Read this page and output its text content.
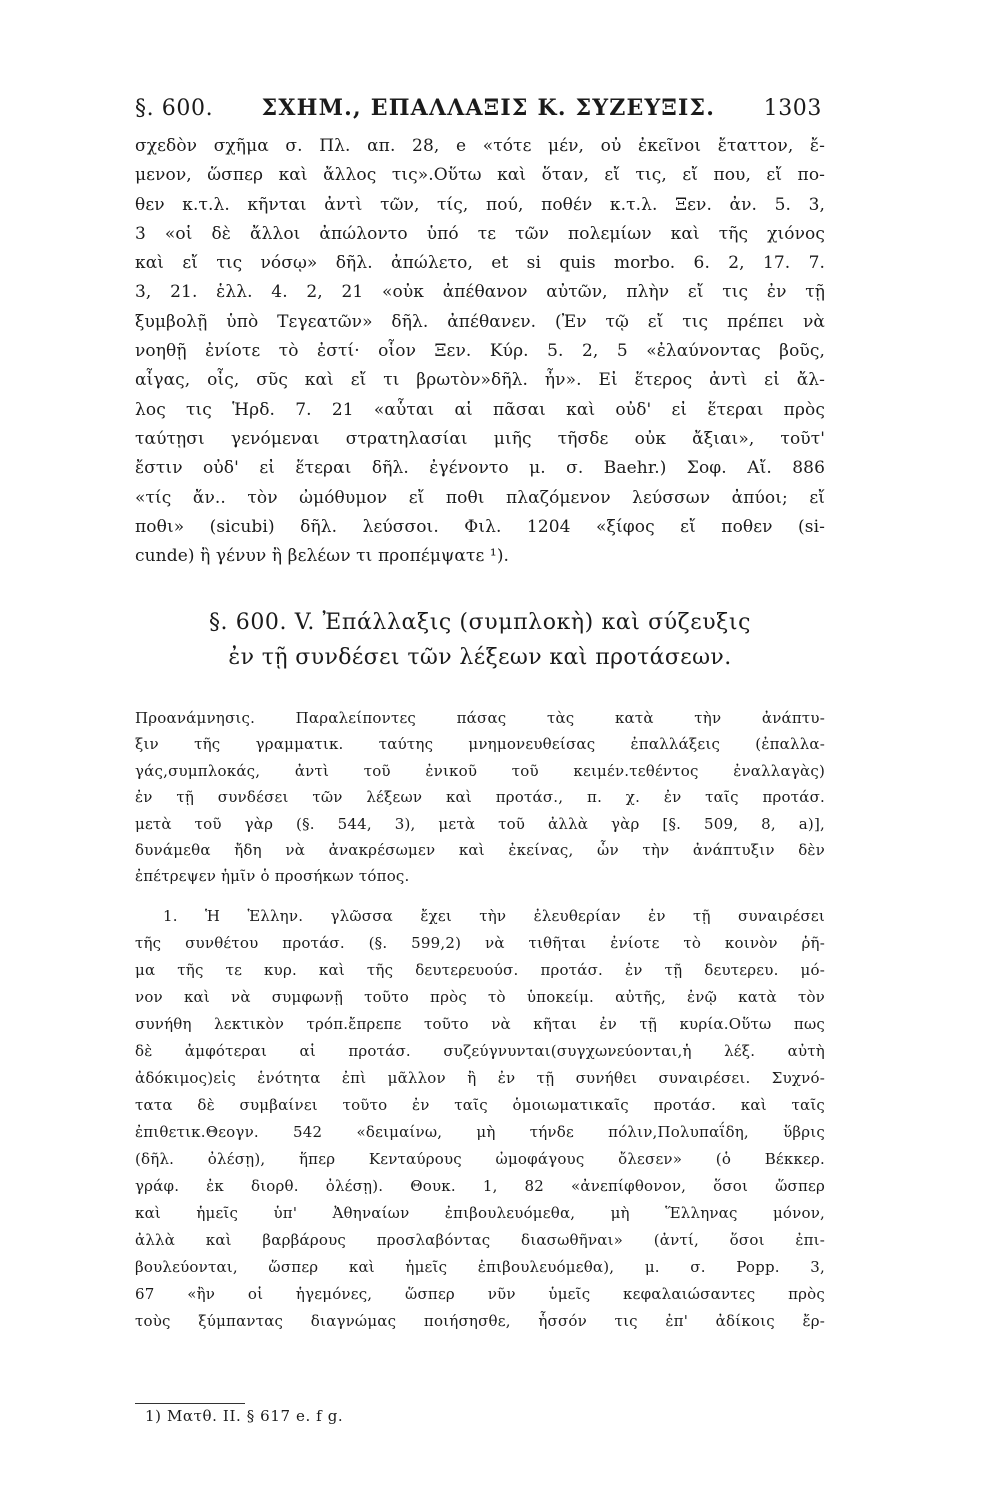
§. 600. ΣΧΗΜ., ΕΠΑΛΛΑΞΙΣ Κ. ΣΥΖΕΥΞΙΣ. 1303
σχεδὸν σχῆμα σ. Πλ. απ. 28, e «τότε μέν, οὐ ἐκεῖνοι ἔταττον, ἔ-
μενον, ὥσπερ καὶ ἄλλος τις».Οὕτω καὶ ὅταν, εἴ τις, εἴ που, εἴ πο-
θεν κ.τ.λ. κῆνται ἀντὶ τῶν, τίς, πού, ποθέν κ.τ.λ. Ξεν. ἀν. 5. 3,
3 «οἱ δὲ ἄλλοι ἀπώλοντο ὑπό τε τῶν πολεμίων καὶ τῆς χιόνος
καὶ εἴ τις νόσῳ» δῆλ. ἀπώλετο, et si quis morbo. 6. 2, 17. 7.
3, 21. ἑλλ. 4. 2, 21 «οὐκ ἀπέθανον αὐτῶν, πλὴν εἴ τις ἐν τῇ
ξυμβολῇ ὑπὸ Τεγεατῶν» δῆλ. ἀπέθανεν. (Ἐν τῷ εἴ τις πρέπει νὰ
νοηθῇ ἐνίοτε τὸ ἐστί· οἷον Ξεν. Κύρ. 5. 2, 5 «ἐλαύνοντας βοῦς,
αἶγας, οἶς, σῦς καὶ εἴ τι βρωτὸν»δῆλ. ἦν». Εἰ ἕτερος ἀντὶ εἰ ἄλ-
λος τις Ἡρδ. 7. 21 «αὗται αἱ πᾶσαι καὶ οὐδ' εἰ ἕτεραι πρὸς
ταύτῃσι γενόμεναι στρατηλασίαι μιῆς τῆσδε οὐκ ἄξιαι», τοῦτ'
ἔστιν οὐδ' εἰ ἕτεραι δῆλ. ἐγένοντο μ. σ. Baehr.) Σοφ. Αἴ. 886
«τίς ἄν.. τὸν ὠμόθυμον εἴ ποθι πλαζόμενον λεύσσων ἀπύοι; εἴ
ποθι» (sicubi) δῆλ. λεύσσοι. Φιλ. 1204 «ξίφος εἴ ποθεν (si-
cunde) ἢ γένυν ἢ βελέων τι προπέμψατε ¹).
§. 600. V. Ἐπάλλαξις (συμπλοκὴ) καὶ σύζευξις
ἐν τῇ συνδέσει τῶν λέξεων καὶ προτάσεων.
Προανάμνησις. Παραλείποντες πάσας τὰς κατὰ τὴν ἀνάπτυ-
ξιν τῆς γραμματικ. ταύτης μνημονευθείσας ἐπαλλάξεις (ἐπαλλα-
γάς,συμπλοκάς, ἀντὶ τοῦ ἐνικοῦ τοῦ κειμέν.τεθέντος ἐναλλαγὰς)
ἐν τῇ συνδέσει τῶν λέξεων καὶ προτάσ., π. χ. ἐν ταῖς προτάσ.
μετὰ τοῦ γὰρ (§. 544, 3), μετὰ τοῦ ἀλλὰ γὰρ [§. 509, 8, a)],
δυνάμεθα ἤδη νὰ ἀνακρέσωμεν καὶ ἐκείνας, ὧν τὴν ἀνάπτυξιν δὲν
ἐπέτρεψεν ἡμῖν ὁ προσήκων τόπος.
1. Ἡ Ἑλλην. γλῶσσα ἔχει τὴν ἐλευθερίαν ἐν τῇ συναιρέσει
τῆς συνθέτου προτάσ. (§. 599,2) νὰ τιθῆται ἐνίοτε τὸ κοινὸν ῥῆ-
μα τῆς τε κυρ. καὶ τῆς δευτερευούσ. προτάσ. ἐν τῇ δευτερευ. μό-
νον καὶ νὰ συμφωνῇ τοῦτο πρὸς τὸ ὑποκείμ. αὐτῆς, ἐνῷ κατὰ τὸν
συνήθη λεκτικὸν τρόπ.ἔπρεπε τοῦτο νὰ κῆται ἐν τῇ κυρία.Οὕτω πως
δὲ ἀμφότεραι αἱ προτάσ. συζεύγνυνται(συγχωνεύονται,ἡ λέξ. αὐτὴ
ἀδόκιμος)εἰς ἑνότητα ἐπὶ μᾶλλον ἢ ἐν τῇ συνήθει συναιρέσει. Συχνό-
τατα δὲ συμβαίνει τοῦτο ἐν ταῖς ὁμοιωματικαῖς προτάσ. καὶ ταῖς
ἐπιθετικ.Θεογν. 542 «δειμαίνω, μὴ τήνδε πόλιν,Πολυπαΐδη, ὕβρις
(δῆλ. ὀλέσῃ), ἥπερ Κενταύρους ὠμοφάγους ὄλεσεν» (ὁ Βέκκερ.
γράφ. ἐκ διορθ. ὀλέσῃ). Θουκ. 1, 82 «ἀνεπίφθονον, ὅσοι ὥσπερ
καὶ ἡμεῖς ὑπ' Ἀθηναίων ἐπιβουλευόμεθα, μὴ Ἕλληνας μόνον,
ἀλλὰ καὶ βαρβάρους προσλαβόντας διασωθῆναι» (ἀντί, ὅσοι ἐπι-
βουλεύονται, ὥσπερ καὶ ἡμεῖς ἐπιβουλευόμεθα), μ. σ. Popp. 3,
67 «ἢν οἱ ἡγεμόνες, ὥσπερ νῦν ὑμεῖς κεφαλαιώσαντες πρὸς
τοὺς ξύμπαντας διαγνώμας ποιήσησθε, ἧσσόν τις ἐπ' ἀδίκοις ἔρ-
1) Ματθ. II. § 617 e. f g.
